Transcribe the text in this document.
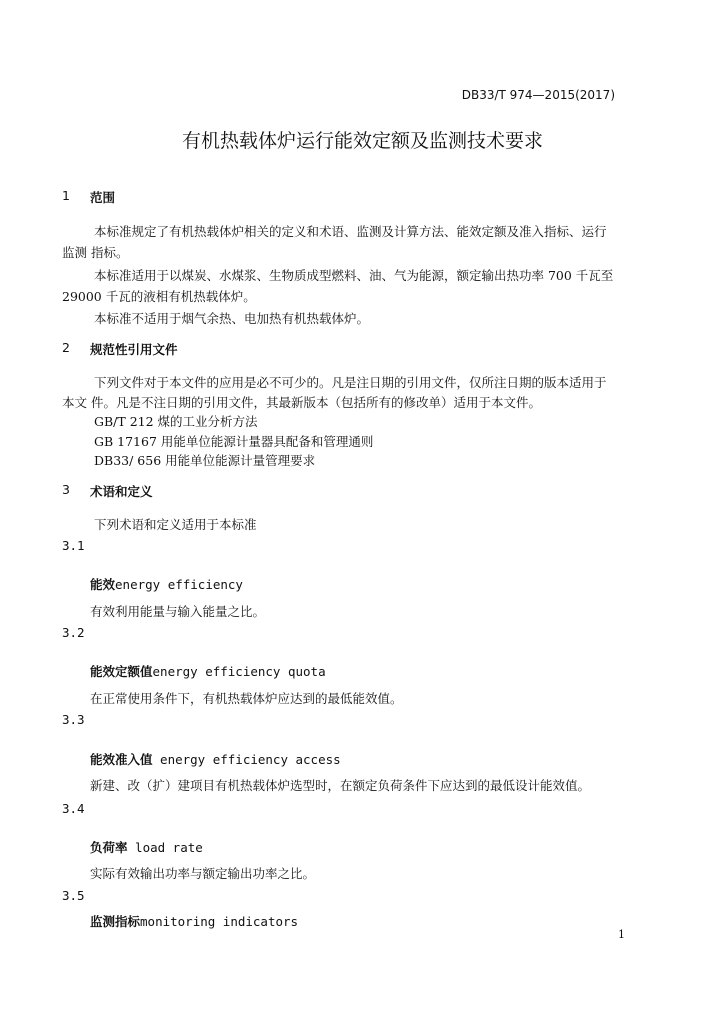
DB33/T 974—2015(2017)
有机热载体炉运行能效定额及监测技术要求
1 范围
本标准规定了有机热载体炉相关的定义和术语、监测及计算方法、能效定额及准入指标、运行
监测 指标。
本标准适用于以煤炭、水煤浆、生物质成型燃料、油、气为能源，额定输出热功率 700 千瓦至
29000 千瓦的液相有机热载体炉。
本标准不适用于烟气余热、电加热有机热载体炉。
2 规范性引用文件
下列文件对于本文件的应用是必不可少的。凡是注日期的引用文件，仅所注日期的版本适用于
本文 件。凡是不注日期的引用文件，其最新版本（包括所有的修改单）适用于本文件。
GB/T 212 煤的工业分析方法
GB 17167 用能单位能源计量器具配备和管理通则
DB33/ 656 用能单位能源计量管理要求
3 术语和定义
下列术语和定义适用于本标准
3.1
能效energy efficiency
有效利用能量与输入能量之比。
3.2
能效定额值energy efficiency quota
在正常使用条件下，有机热载体炉应达到的最低能效值。
3.3
能效准入值 energy efficiency access
新建、改（扩）建项目有机热载体炉选型时，在额定负荷条件下应达到的最低设计能效值。
3.4
负荷率 load rate
实际有效输出功率与额定输出功率之比。
3.5
监测指标monitoring indicators
1
